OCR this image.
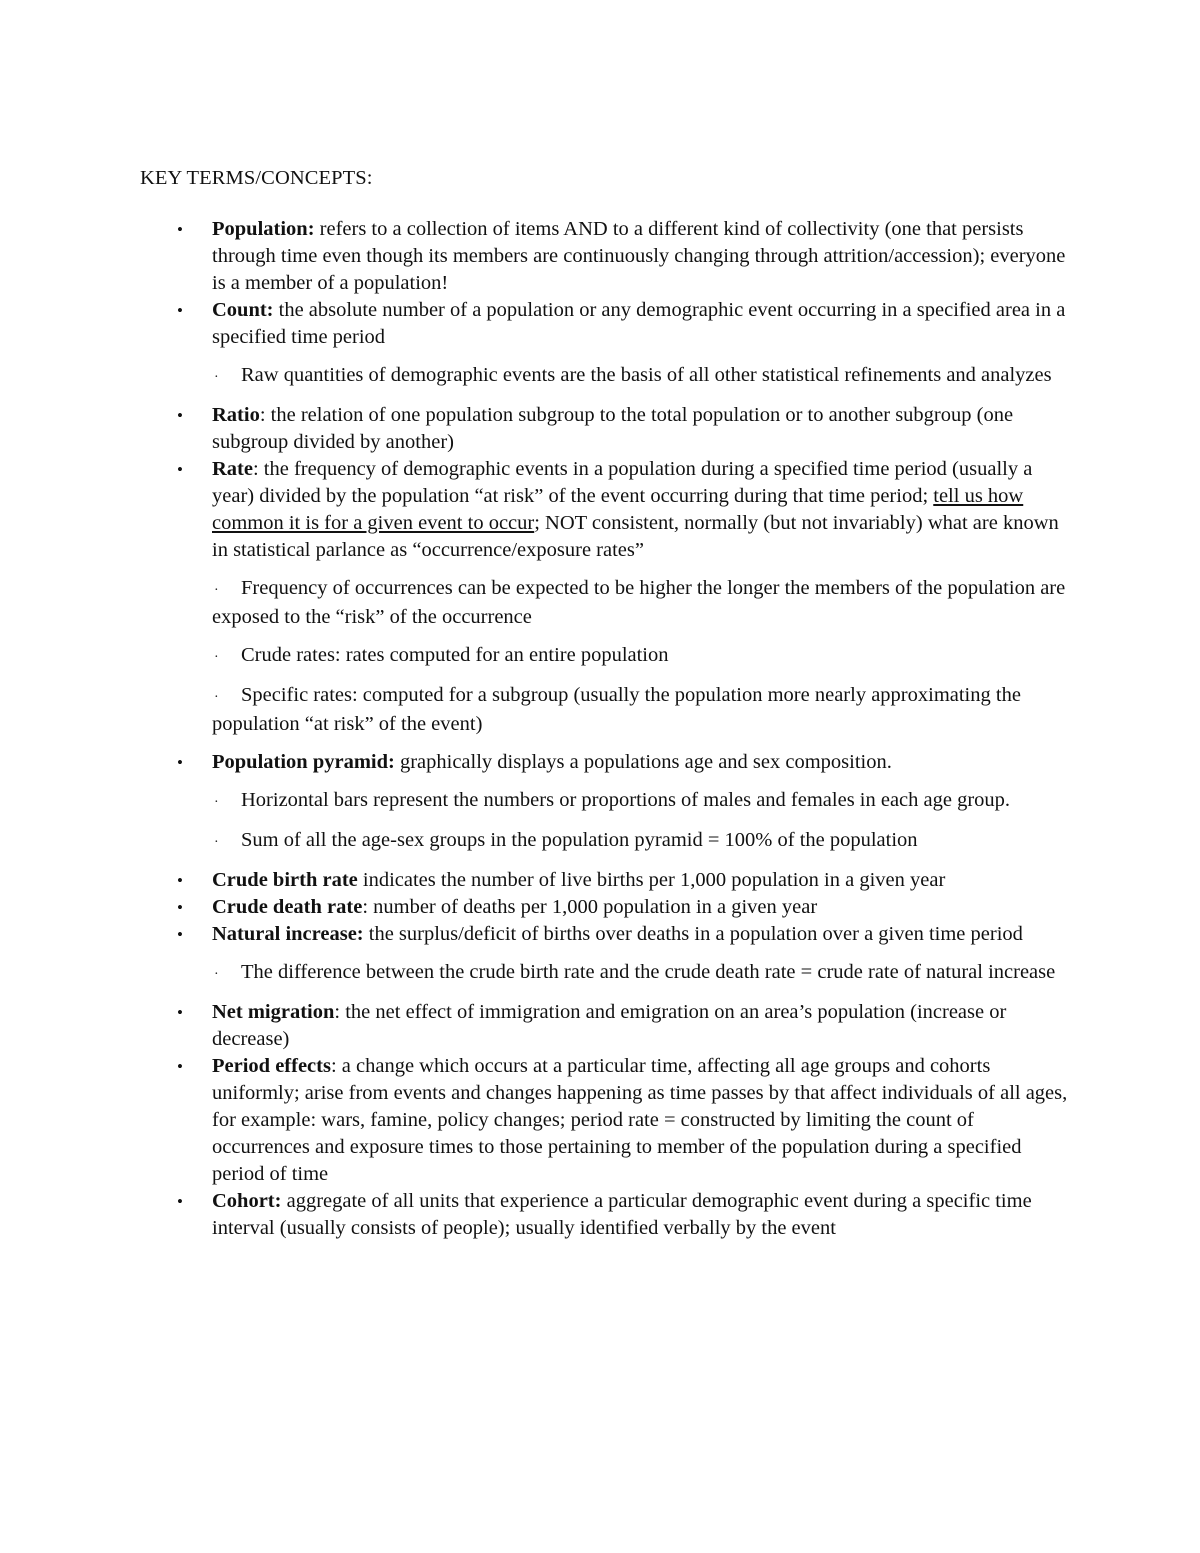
KEY TERMS/CONCEPTS:
• Population: refers to a collection of items AND to a different kind of collectivity (one that persists through time even though its members are continuously changing through attrition/accession); everyone is a member of a population!
• Count: the absolute number of a population or any demographic event occurring in a specified area in a specified time period
· Raw quantities of demographic events are the basis of all other statistical refinements and analyzes
• Ratio: the relation of one population subgroup to the total population or to another subgroup (one subgroup divided by another)
• Rate: the frequency of demographic events in a population during a specified time period (usually a year) divided by the population “at risk” of the event occurring during that time period; tell us how common it is for a given event to occur; NOT consistent, normally (but not invariably) what are known in statistical parlance as “occurrence/exposure rates”
· Frequency of occurrences can be expected to be higher the longer the members of the population are exposed to the “risk” of the occurrence
· Crude rates: rates computed for an entire population
· Specific rates: computed for a subgroup (usually the population more nearly approximating the population “at risk” of the event)
• Population pyramid: graphically displays a populations age and sex composition.
· Horizontal bars represent the numbers or proportions of males and females in each age group.
· Sum of all the age-sex groups in the population pyramid = 100% of the population
• Crude birth rate indicates the number of live births per 1,000 population in a given year
• Crude death rate: number of deaths per 1,000 population in a given year
• Natural increase: the surplus/deficit of births over deaths in a population over a given time period
· The difference between the crude birth rate and the crude death rate = crude rate of natural increase
• Net migration: the net effect of immigration and emigration on an area’s population (increase or decrease)
• Period effects: a change which occurs at a particular time, affecting all age groups and cohorts uniformly; arise from events and changes happening as time passes by that affect individuals of all ages, for example: wars, famine, policy changes; period rate = constructed by limiting the count of occurrences and exposure times to those pertaining to member of the population during a specified period of time
• Cohort: aggregate of all units that experience a particular demographic event during a specific time interval (usually consists of people); usually identified verbally by the event
